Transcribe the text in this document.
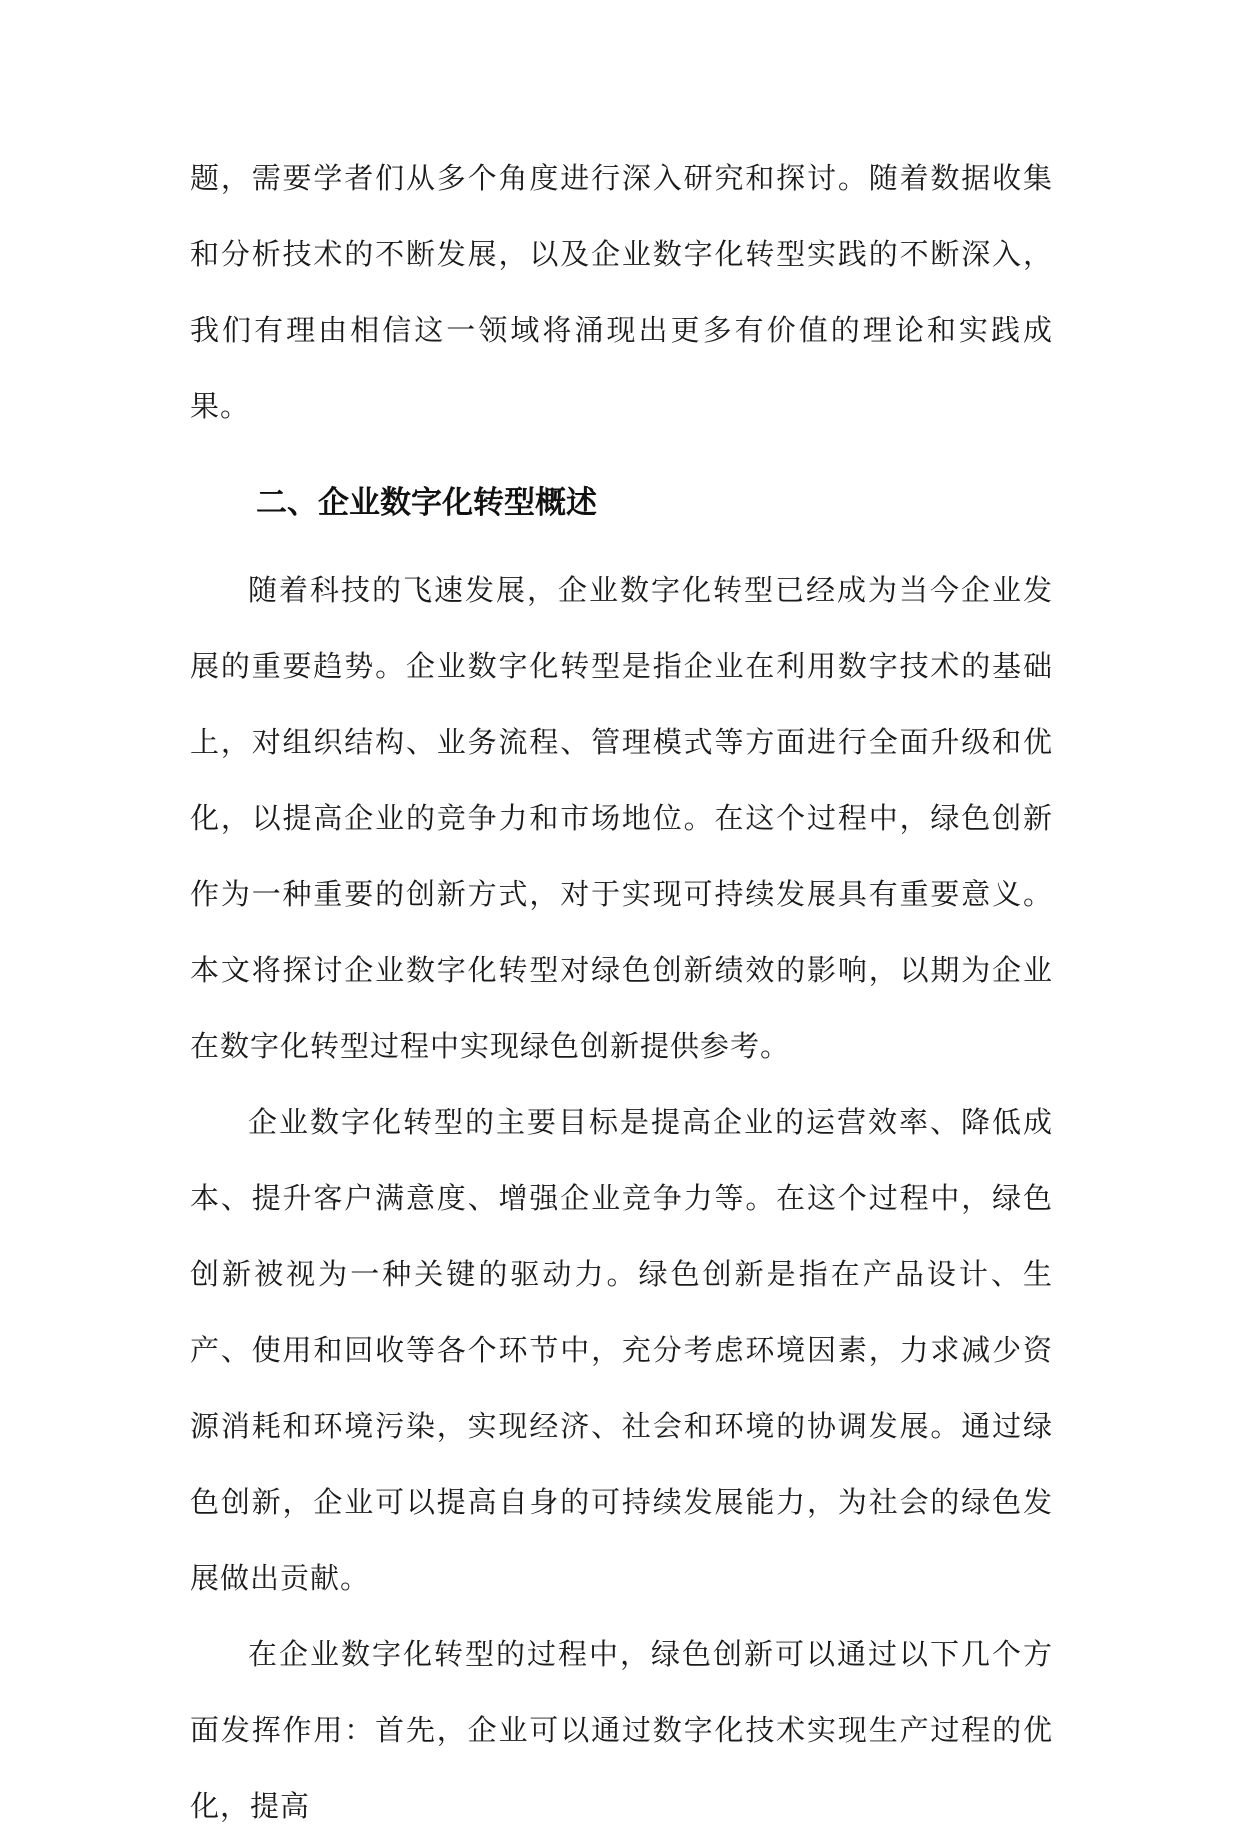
题，需要学者们从多个角度进行深入研究和探讨。随着数据收集和分析技术的不断发展，以及企业数字化转型实践的不断深入，我们有理由相信这一领域将涌现出更多有价值的理论和实践成果。

二、企业数字化转型概述

随着科技的飞速发展，企业数字化转型已经成为当今企业发展的重要趋势。企业数字化转型是指企业在利用数字技术的基础上，对组织结构、业务流程、管理模式等方面进行全面升级和优化，以提高企业的竞争力和市场地位。在这个过程中，绿色创新作为一种重要的创新方式，对于实现可持续发展具有重要意义。本文将探讨企业数字化转型对绿色创新绩效的影响，以期为企业在数字化转型过程中实现绿色创新提供参考。

企业数字化转型的主要目标是提高企业的运营效率、降低成本、提升客户满意度、增强企业竞争力等。在这个过程中，绿色创新被视为一种关键的驱动力。绿色创新是指在产品设计、生产、使用和回收等各个环节中，充分考虑环境因素，力求减少资源消耗和环境污染，实现经济、社会和环境的协调发展。通过绿色创新，企业可以提高自身的可持续发展能力，为社会的绿色发展做出贡献。

在企业数字化转型的过程中，绿色创新可以通过以下几个方面发挥作用：首先，企业可以通过数字化技术实现生产过程的优化，提高
